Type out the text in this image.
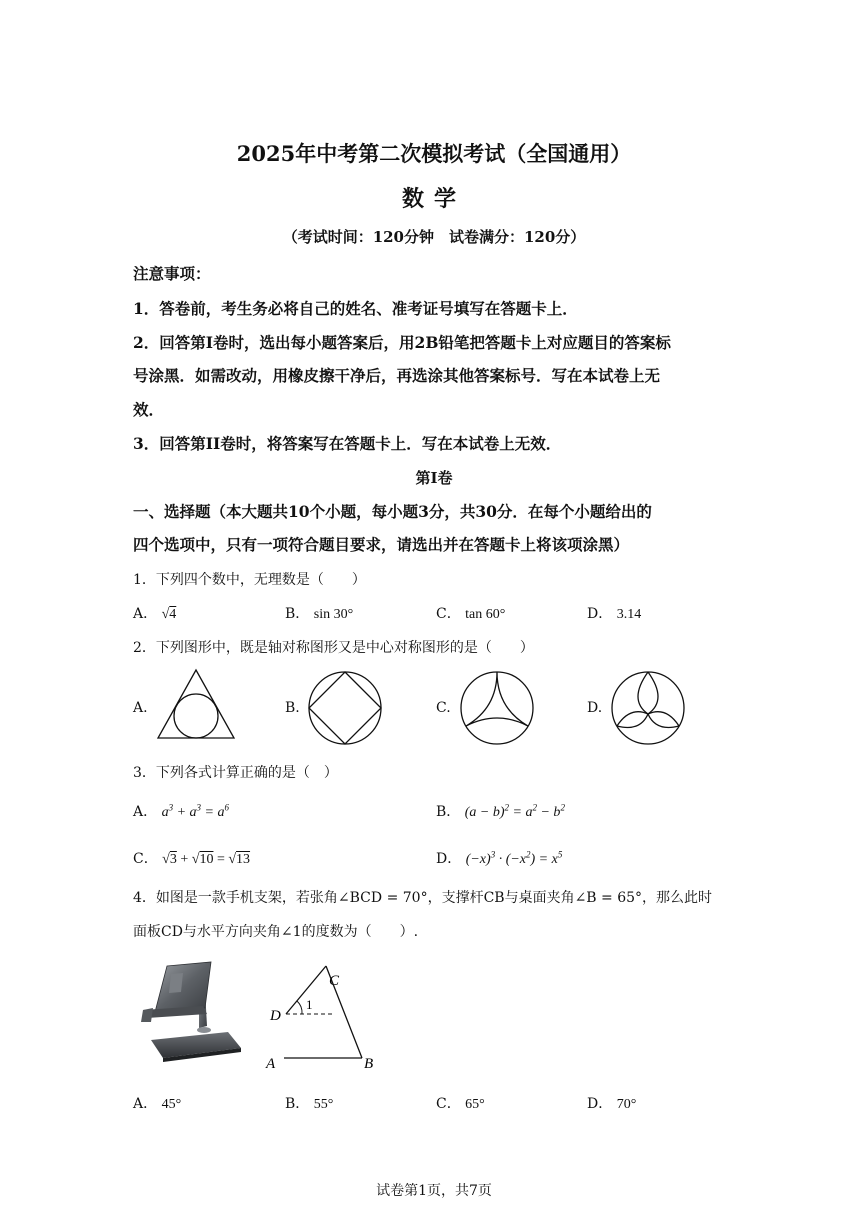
2025年中考第二次模拟考试（全国通用）
数学
（考试时间：120分钟　试卷满分：120分）
注意事项：
1．答卷前，考生务必将自己的姓名、准考证号填写在答题卡上．
2．回答第I卷时，选出每小题答案后，用2B铅笔把答题卡上对应题目的答案标
号涂黑．如需改动，用橡皮擦干净后，再选涂其他答案标号．写在本试卷上无
效．
3．回答第II卷时，将答案写在答题卡上．写在本试卷上无效．
第I卷
一、选择题（本大题共10个小题，每小题3分，共30分．在每个小题给出的
四个选项中，只有一项符合题目要求，请选出并在答题卡上将该项涂黑）
1．下列四个数中，无理数是（　　）
A． √4	B． sin 30°	C． tan 60°	D． 3.14
2．下列图形中，既是轴对称图形又是中心对称图形的是（　　）
A.	B.	C.	D.
3．下列各式计算正确的是（　）
A． $a^3 + a^3 = a^6$	B． $(a - b)^2 = a^2 - b^2$
C． √3 + √10 = √13	D． $(-x)^3 \cdot (-x^2) = x^5$
4．如图是一款手机支架，若张角∠BCD = 70°，支撑杆CB与桌面夹角∠B = 65°，那么此时
面板CD与水平方向夹角∠1的度数为（　　）.
C
D
1
A	B
A． 45°	B． 55°	C． 65°	D． 70°
试卷第1页，共7页
